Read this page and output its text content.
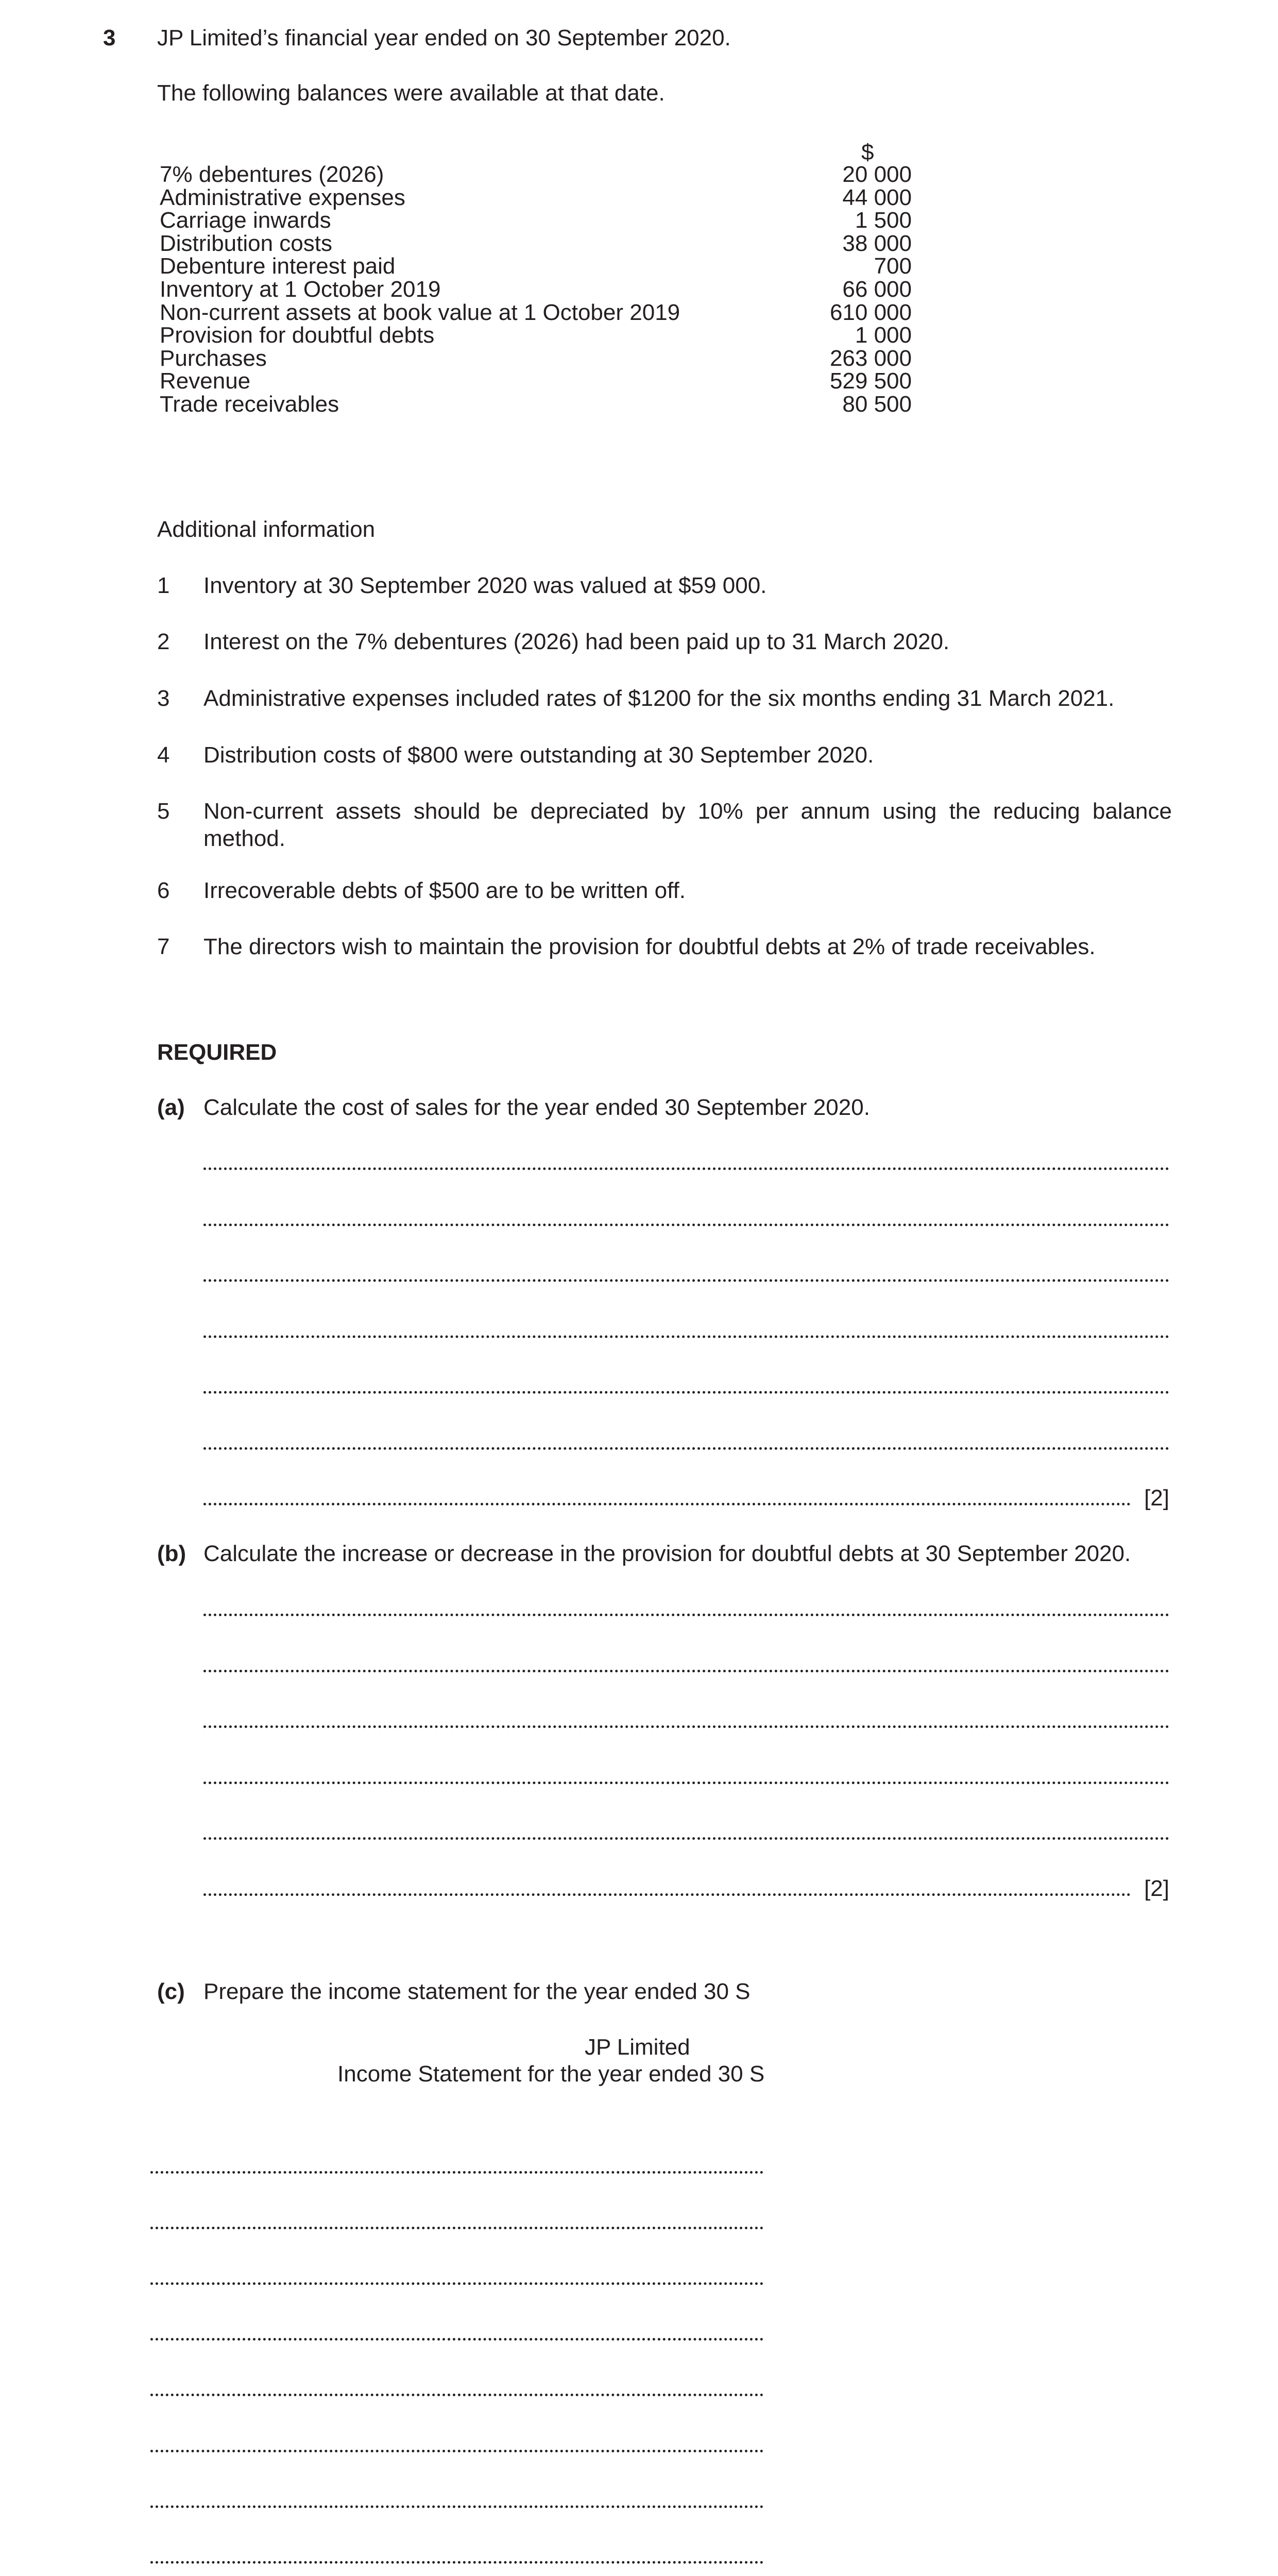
3 JP Limited’s financial year ended on 30 September 2020.
The following balances were available at that date.
$
7% debentures (2026)	20 000
Administrative expenses	44 000
Carriage inwards	1 500
Distribution costs	38 000
Debenture interest paid	700
Inventory at 1 October 2019	66 000
Non-current assets at book value at 1 October 2019	610 000
Provision for doubtful debts	1 000
Purchases	263 000
Revenue	529 500
Trade receivables	80 500
Additional information
1 Inventory at 30 September 2020 was valued at $59 000.
2 Interest on the 7% debentures (2026) had been paid up to 31 March 2020.
3 Administrative expenses included rates of $1200 for the six months ending 31 March 2021.
4 Distribution costs of $800 were outstanding at 30 September 2020.
5 Non-current assets should be depreciated by 10% per annum using the reducing balance method.
6 Irrecoverable debts of $500 are to be written off.
7 The directors wish to maintain the provision for doubtful debts at 2% of trade receivables.
REQUIRED
(a) Calculate the cost of sales for the year ended 30 September 2020.
[2]
(b) Calculate the increase or decrease in the provision for doubtful debts at 30 September 2020.
[2]
(c) Prepare the income statement for the year ended 30 S
JP Limited
Income Statement for the year ended 30 S
